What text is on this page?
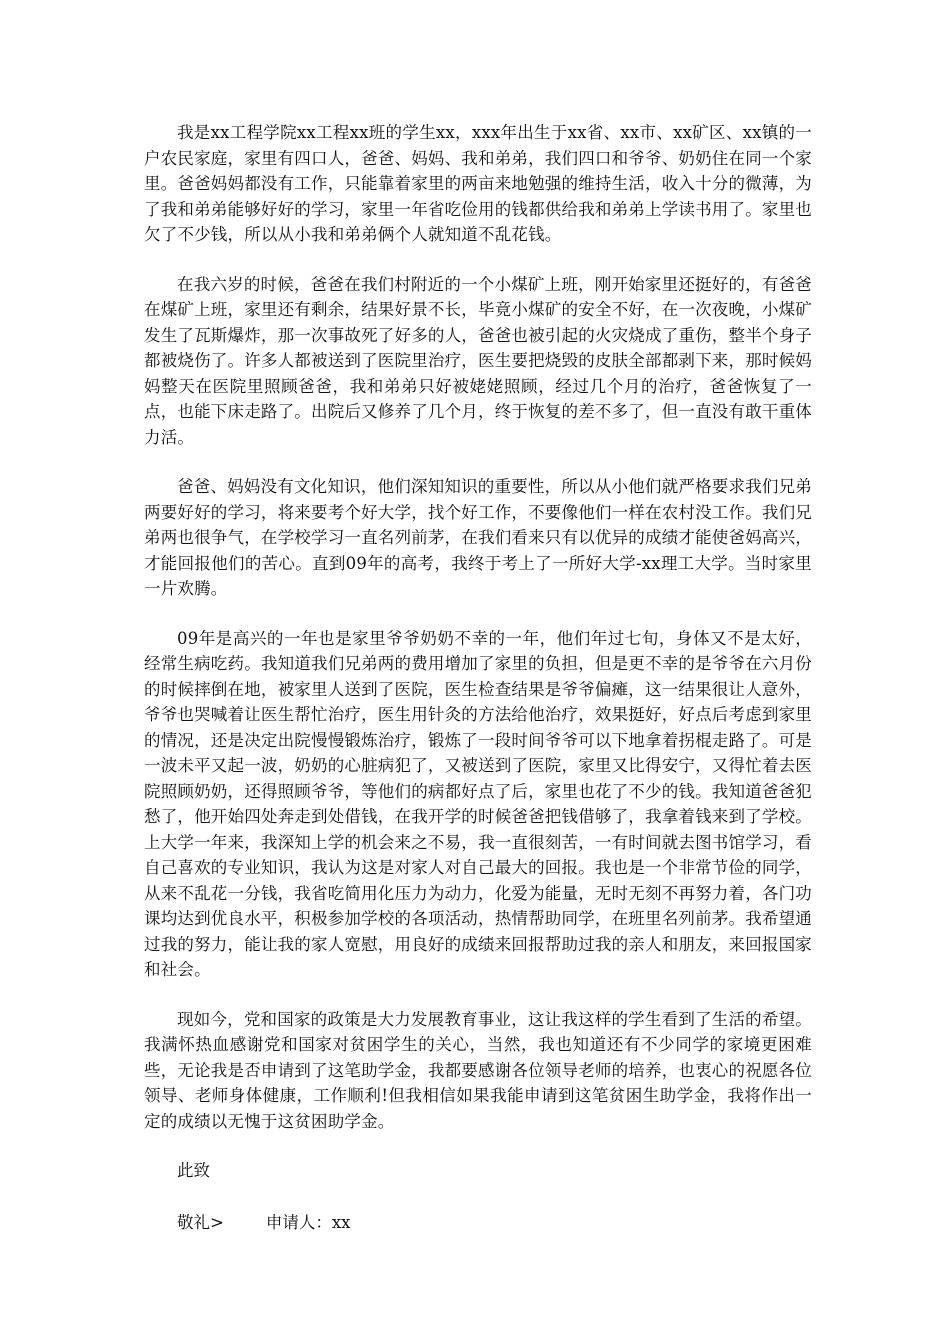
我是xx工程学院xx工程xx班的学生xx，xxx年出生于xx省、xx市、xx矿区、xx镇的一户农民家庭，家里有四口人，爸爸、妈妈、我和弟弟，我们四口和爷爷、奶奶住在同一个家里。爸爸妈妈都没有工作，只能靠着家里的两亩来地勉强的维持生活，收入十分的微薄，为了我和弟弟能够好好的学习，家里一年省吃俭用的钱都供给我和弟弟上学读书用了。家里也欠了不少钱，所以从小我和弟弟俩个人就知道不乱花钱。

在我六岁的时候，爸爸在我们村附近的一个小煤矿上班，刚开始家里还挺好的，有爸爸在煤矿上班，家里还有剩余，结果好景不长，毕竟小煤矿的安全不好，在一次夜晚，小煤矿发生了瓦斯爆炸，那一次事故死了好多的人，爸爸也被引起的火灾烧成了重伤，整半个身子都被烧伤了。许多人都被送到了医院里治疗，医生要把烧毁的皮肤全部都剥下来，那时候妈妈整天在医院里照顾爸爸，我和弟弟只好被姥姥照顾，经过几个月的治疗，爸爸恢复了一点，也能下床走路了。出院后又修养了几个月，终于恢复的差不多了，但一直没有敢干重体力活。

爸爸、妈妈没有文化知识，他们深知知识的重要性，所以从小他们就严格要求我们兄弟两要好好的学习，将来要考个好大学，找个好工作，不要像他们一样在农村没工作。我们兄弟两也很争气，在学校学习一直名列前茅，在我们看来只有以优异的成绩才能使爸妈高兴，才能回报他们的苦心。直到09年的高考，我终于考上了一所好大学-xx理工大学。当时家里一片欢腾。

09年是高兴的一年也是家里爷爷奶奶不幸的一年，他们年过七旬，身体又不是太好，经常生病吃药。我知道我们兄弟两的费用增加了家里的负担，但是更不幸的是爷爷在六月份的时候摔倒在地，被家里人送到了医院，医生检查结果是爷爷偏瘫，这一结果很让人意外，爷爷也哭喊着让医生帮忙治疗，医生用针灸的方法给他治疗，效果挺好，好点后考虑到家里的情况，还是决定出院慢慢锻炼治疗，锻炼了一段时间爷爷可以下地拿着拐棍走路了。可是一波未平又起一波，奶奶的心脏病犯了，又被送到了医院，家里又比得安宁，又得忙着去医院照顾奶奶，还得照顾爷爷，等他们的病都好点了后，家里也花了不少的钱。我知道爸爸犯愁了，他开始四处奔走到处借钱，在我开学的时候爸爸把钱借够了，我拿着钱来到了学校。上大学一年来，我深知上学的机会来之不易，我一直很刻苦，一有时间就去图书馆学习，看自己喜欢的专业知识，我认为这是对家人对自己最大的回报。我也是一个非常节俭的同学，从来不乱花一分钱，我省吃简用化压力为动力，化爱为能量，无时无刻不再努力着，各门功课均达到优良水平，积极参加学校的各项活动，热情帮助同学，在班里名列前茅。我希望通过我的努力，能让我的家人宽慰，用良好的成绩来回报帮助过我的亲人和朋友，来回报国家和社会。

现如今，党和国家的政策是大力发展教育事业，这让我这样的学生看到了生活的希望。我满怀热血感谢党和国家对贫困学生的关心，当然，我也知道还有不少同学的家境更困难些，无论我是否申请到了这笔助学金，我都要感谢各位领导老师的培养，也衷心的祝愿各位领导、老师身体健康，工作顺利!但我相信如果我能申请到这笔贫困生助学金，我将作出一定的成绩以无愧于这贫困助学金。

此致

敬礼>	申请人：xx
